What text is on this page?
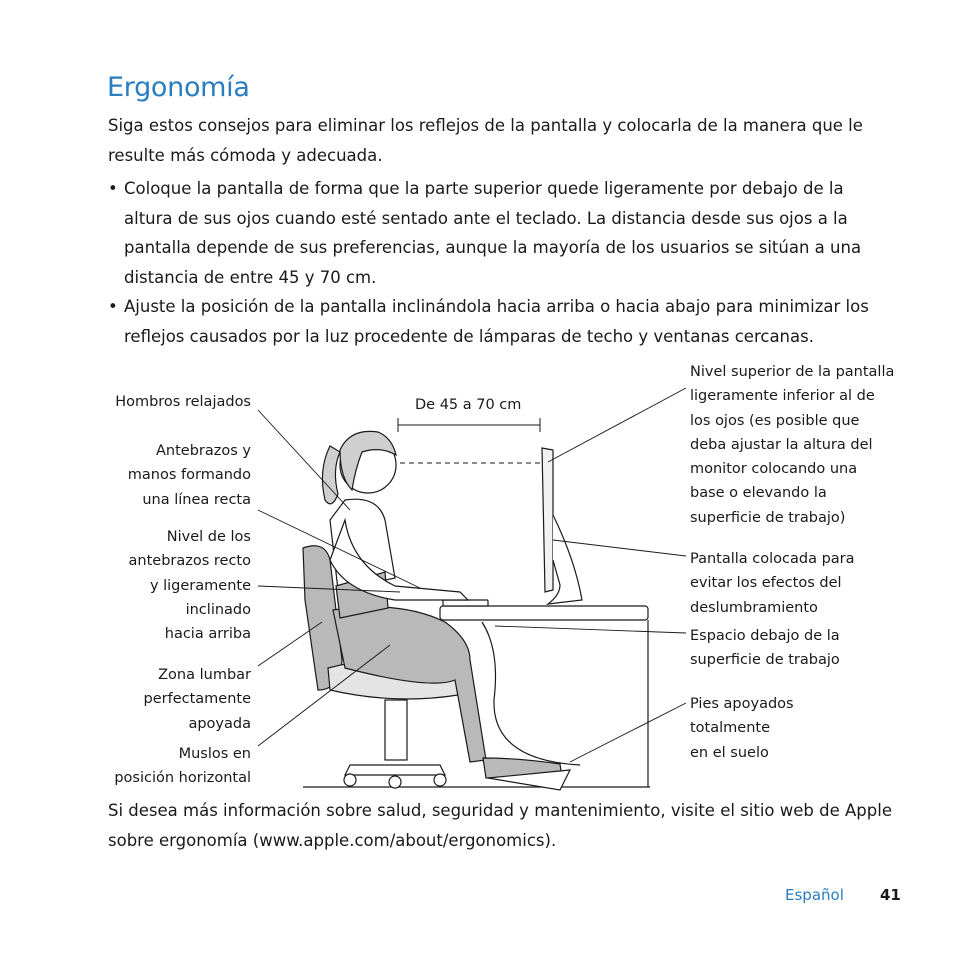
Ergonomía

Siga estos consejos para eliminar los reflejos de la pantalla y colocarla de la manera que le resulte más cómoda y adecuada.

• Coloque la pantalla de forma que la parte superior quede ligeramente por debajo de la altura de sus ojos cuando esté sentado ante el teclado. La distancia desde sus ojos a la pantalla depende de sus preferencias, aunque la mayoría de los usuarios se sitúan a una distancia de entre 45 y 70 cm.
• Ajuste la posición de la pantalla inclinándola hacia arriba o hacia abajo para minimizar los reflejos causados por la luz procedente de lámparas de techo y ventanas cercanas.
De 45 a 70 cm
Hombros relajados
Antebrazos y
manos formando
una línea recta
Nivel de los
antebrazos recto
y ligeramente
inclinado
hacia arriba
Zona lumbar
perfectamente
apoyada
Muslos en
posición horizontal
Nivel superior de la pantalla
ligeramente inferior al de
los ojos (es posible que
deba ajustar la altura del
monitor colocando una
base o elevando la
superficie de trabajo)
Pantalla colocada para
evitar los efectos del
deslumbramiento
Espacio debajo de la
superficie de trabajo
Pies apoyados
totalmente
en el suelo

Si desea más información sobre salud, seguridad y mantenimiento, visite el sitio web de Apple sobre ergonomía (www.apple.com/about/ergonomics).

Español 41
